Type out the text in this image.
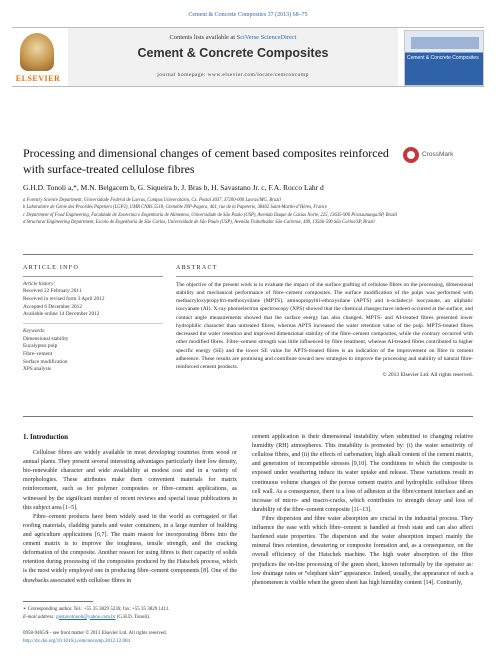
Cement & Concrete Composites 37 (2013) 68–75
ELSEVIER
Contents lists available at SciVerse ScienceDirect
Cement & Concrete Composites
journal homepage: www.elsevier.com/locate/cemconcomp
Cement & Concrete Composites
Processing and dimensional changes of cement based composites reinforced with surface-treated cellulose fibres
CrossMark
G.H.D. Tonoli a,*, M.N. Belgacem b, G. Siqueira b, J. Bras b, H. Savastano Jr. c, F.A. Rocco Lahr d
a Forestry Science Department, Universidade Federal de Lavras, Campus Universitário, Cx. Postal 3037, 37200-000 Lavras/MG, Brazil
b Laboratoire de Génie des Procédés Papetiers (LGP2), UMR CNRS 5518, Grenoble INP-Pagora, 461, rue de la Papeterie, 38402 Saint-Martin-d’Hères, France
c Department of Food Engineering, Faculdade de Zootecnia e Engenharia de Alimentos, Universidade de São Paulo (USP), Avenida Duque de Caxias Norte, 225, 13635-900 Pirassununga/SP, Brazil
d Structural Engineering Department, Escola de Engenharia de São Carlos, Universidade de São Paulo (USP), Avenida Trabalhador São-Carlense, 400, 13566-590 São Carlos/SP, Brazil
ARTICLE INFO
Article history:
Received 22 February 2011
Received in revised form 3 April 2012
Accepted 6 December 2012
Available online 14 December 2012
Keywords:
Dimensional stability
Eucalyptus pulp
Fibre–cement
Surface modification
XPS analysis
ABSTRACT
The objective of the present work is to evaluate the impact of the surface grafting of cellulose fibres on the processing, dimensional stability and mechanical performance of fibre–cement composites. The surface modification of the pulps was performed with methacryloxypropyltri-methoxysilane (MPTS), aminopropyltri-ethoxysilane (APTS) and n-octadecyl isocyanate, an aliphatic isocyanate (AI). X-ray photoelectron spectroscopy (XPS) showed that the chemical changes have indeed occurred at the surface, and contact angle measurements showed that the surface energy has also changed. MPTS- and AI-treated fibres presented lower hydrophilic character than untreated fibres, whereas APTS increased the water retention value of the pulp. MPTS-treated fibres decreased the water retention and improved dimensional stability of the fibre–cement composites, while the contrary occurred with other modified fibres. Fibre–cement strength was little influenced by fibre treatment, whereas AI-treated fibres contributed to higher specific energy (SE) and the lower SE value for APTS-treated fibres is an indication of the improvement on fibre to cement adherence. These results are promising and contribute toward new strategies to improve the processing and stability of natural fibre-reinforced cement products.
© 2013 Elsevier Ltd. All rights reserved.
1. Introduction

Cellulose fibres are widely available in most developing countries from wood or annual plants. They present several interesting advantages particularly their low density, bio-renewable character and wide availability at modest cost and in a variety of morphologies. These attributes make them convenient materials for matrix reinforcement, such as for polymer composites or fibre–cement applications, as witnessed by the significant number of recent reviews and special issue publications in this subject area [1–5].

Fibre–cement products have been widely used in the world as corrugated or flat roofing materials, cladding panels and water containers, in a large number of building and agriculture applications [6,7]. The main reason for incorporating fibres into the cement matrix is to improve the toughness, tensile strength, and the cracking deformation of the composite. Another reason for using fibres is their capacity of solids retention during processing of the composites produced by the Hatschek process, which is the most widely employed one in producing fibre–cement components [8]. One of the drawbacks associated with cellulose fibres in

cement application is their dimensional instability when submitted to changing relative humidity (RH) atmospheres. This instability is promoted by: (i) the water sensitivity of cellulose fibres, and (ii) the effects of carbonation, high alkali content of the cement matrix, and generation of incompatible stresses [9,10]. The conditions to which the composite is exposed under weathering induce its water uptake and release. These variations result in continuous volume changes of the porous cement matrix and hydrophilic cellulose fibres cell wall. As a consequence, there is a loss of adhesion at the fibre/cement interface and an increase of micro- and macro-cracks, which contributes to strength decay and loss of durability of the fibre–cement composite [11–13].

Fibre dispersion and fibre water absorption are crucial in the industrial process. They influence the ease with which fibre–cement is handled at fresh state and can also affect hardened state properties. The dispersion and the water absorption impact mainly the mineral fines retention, dewatering or composite formation and, as a consequence, on the overall efficiency of the Hatschek machine. The high water absorption of the fibre prejudices the on-line processing of the green sheet, known informally by the operator as: low drainage rates or “elephant skin” appearance. Indeed, usually, the appearance of such a phenomenon is visible when the green sheet has high humidity content [14]. Contrarily,

∗ Corresponding author. Tel.: +55 35 3829 5236; fax: +55 35 3829 1411.
E-mail address: gustavotonoli@yahoo.com.br (G.H.D. Tonoli).
0958-9465/$ - see front matter © 2013 Elsevier Ltd. All rights reserved.
http://dx.doi.org/10.1016/j.cemconcomp.2012.12.004
